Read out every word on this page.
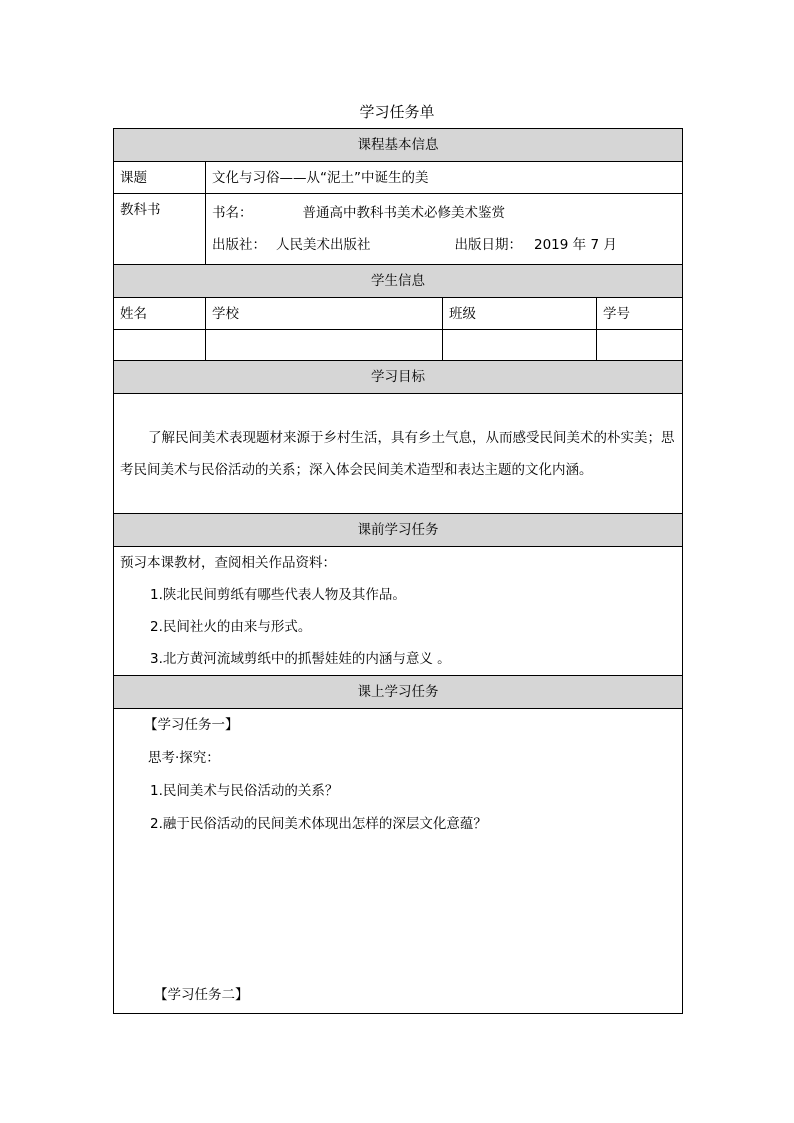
学习任务单
课程基本信息			
课题	文化与习俗——从“泥土”中诞生的美		
教科书	书名： 普通高中教科书美术必修美术鉴赏
出版社： 人民美术出版社 出版日期： 2019 年 7 月		

学生信息			
姓名	学校	班级	学号

学习目标			

了解民间美术表现题材来源于乡村生活，具有乡土气息，从而感受民间美术的朴实美；思考民间美术与民俗活动的关系；深入体会民间美术造型和表达主题的文化内涵。			

课前学习任务			

预习本课教材，查阅相关作品资料：
1.陕北民间剪纸有哪些代表人物及其作品。
2.民间社火的由来与形式。
3.北方黄河流域剪纸中的抓髻娃娃的内涵与意义 。			

课上学习任务			

【学习任务一】
思考·探究：
1.民间美术与民俗活动的关系？
2.融于民俗活动的民间美术体现出怎样的深层文化意蕴？
【学习任务二】			
